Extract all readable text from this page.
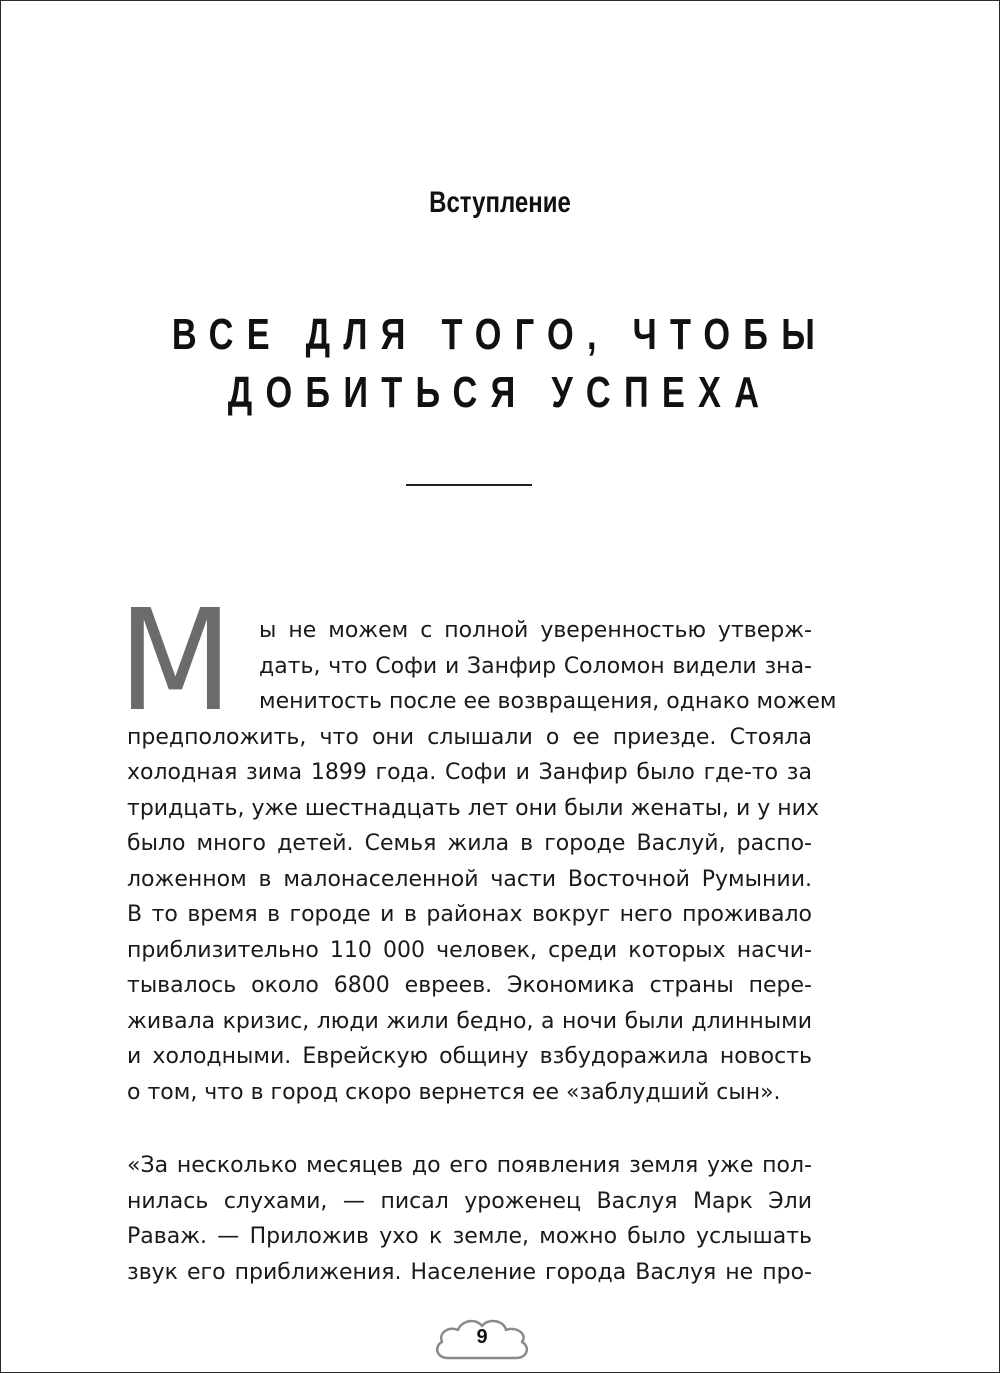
Вступление
ВСЕ ДЛЯ ТОГО, ЧТОБЫ
ДОБИТЬСЯ УСПЕХА
М ы не можем с полной уверенностью утверж-
дать, что Софи и Занфир Соломон видели зна-
менитость после ее возвращения, однако можем
предположить, что они слышали о ее приезде. Стояла
холодная зима 1899 года. Софи и Занфир было где-то за
тридцать, уже шестнадцать лет они были женаты, и у них
было много детей. Семья жила в городе Васлуй, распо-
ложенном в малонаселенной части Восточной Румынии.
В то время в городе и в районах вокруг него проживало
приблизительно 110 000 человек, среди которых насчи-
тывалось около 6800 евреев. Экономика страны пере-
живала кризис, люди жили бедно, а ночи были длинными
и холодными. Еврейскую общину взбудоражила новость
о том, что в город скоро вернется ее «заблудший сын».
«За несколько месяцев до его появления земля уже пол-
нилась слухами, — писал уроженец Васлуя Марк Эли
Раваж. — Приложив ухо к земле, можно было услышать
звук его приближения. Население города Васлуя не про-
9
